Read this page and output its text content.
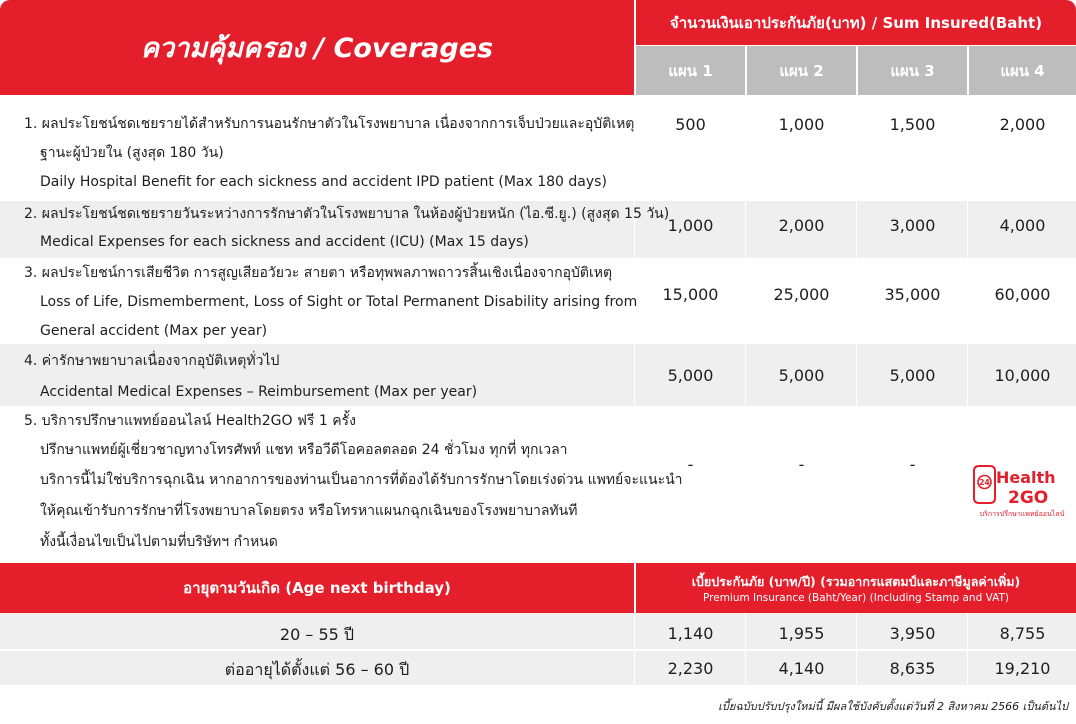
ความคุ้มครอง / Coverages
จำนวนเงินเอาประกันภัย(บาท) / Sum Insured(Baht)
แผน 1	แผน 2	แผน 3	แผน 4
1. ผลประโยชน์ชดเชยรายได้สำหรับการนอนรักษาตัวในโรงพยาบาล เนื่องจากการเจ็บป่วยและอุบัติเหตุ
ฐานะผู้ป่วยใน (สูงสุด 180 วัน)
Daily Hospital Benefit for each sickness and accident IPD patient (Max 180 days)
500	1,000	1,500	2,000
2. ผลประโยชน์ชดเชยรายวันระหว่างการรักษาตัวในโรงพยาบาล ในห้องผู้ป่วยหนัก (ไอ.ซี.ยู.) (สูงสุด 15 วัน)
Medical Expenses for each sickness and accident (ICU) (Max 15 days)
1,000	2,000	3,000	4,000
3. ผลประโยชน์การเสียชีวิต การสูญเสียอวัยวะ สายตา หรือทุพพลภาพถาวรสิ้นเชิงเนื่องจากอุบัติเหตุ
Loss of Life, Dismemberment, Loss of Sight or Total Permanent Disability arising from
General accident (Max per year)
15,000	25,000	35,000	60,000
4. ค่ารักษาพยาบาลเนื่องจากอุบัติเหตุทั่วไป
Accidental Medical Expenses – Reimbursement (Max per year)
5,000	5,000	5,000	10,000
5. บริการปรึกษาแพทย์ออนไลน์ Health2GO ฟรี 1 ครั้ง
ปรึกษาแพทย์ผู้เชี่ยวชาญทางโทรศัพท์ แชท หรือวีดีโอคอลตลอด 24 ชั่วโมง ทุกที่ ทุกเวลา
บริการนี้ไม่ใช่บริการฉุกเฉิน หากอาการของท่านเป็นอาการที่ต้องได้รับการรักษาโดยเร่งด่วน แพทย์จะแนะนำ
ให้คุณเข้ารับการรักษาที่โรงพยาบาลโดยตรง หรือโทรหาแผนกฉุกเฉินของโรงพยาบาลทันที
ทั้งนี้เงื่อนไขเป็นไปตามที่บริษัทฯ กำหนด
-	-	-
24 Health
2GO
บริการปรึกษาแพทย์ออนไลน์
อายุตามวันเกิด (Age next birthday)	เบี้ยประกันภัย (บาท/ปี) (รวมอากรแสตมป์และภาษีมูลค่าเพิ่ม)
Premium Insurance (Baht/Year) (Including Stamp and VAT)
20 – 55 ปี	1,140	1,955	3,950	8,755
ต่ออายุได้ตั้งแต่ 56 – 60 ปี	2,230	4,140	8,635	19,210
เบี้ยฉบับปรับปรุงใหม่นี้ มีผลใช้บังคับตั้งแต่วันที่ 2 สิงหาคม 2566 เป็นต้นไป
